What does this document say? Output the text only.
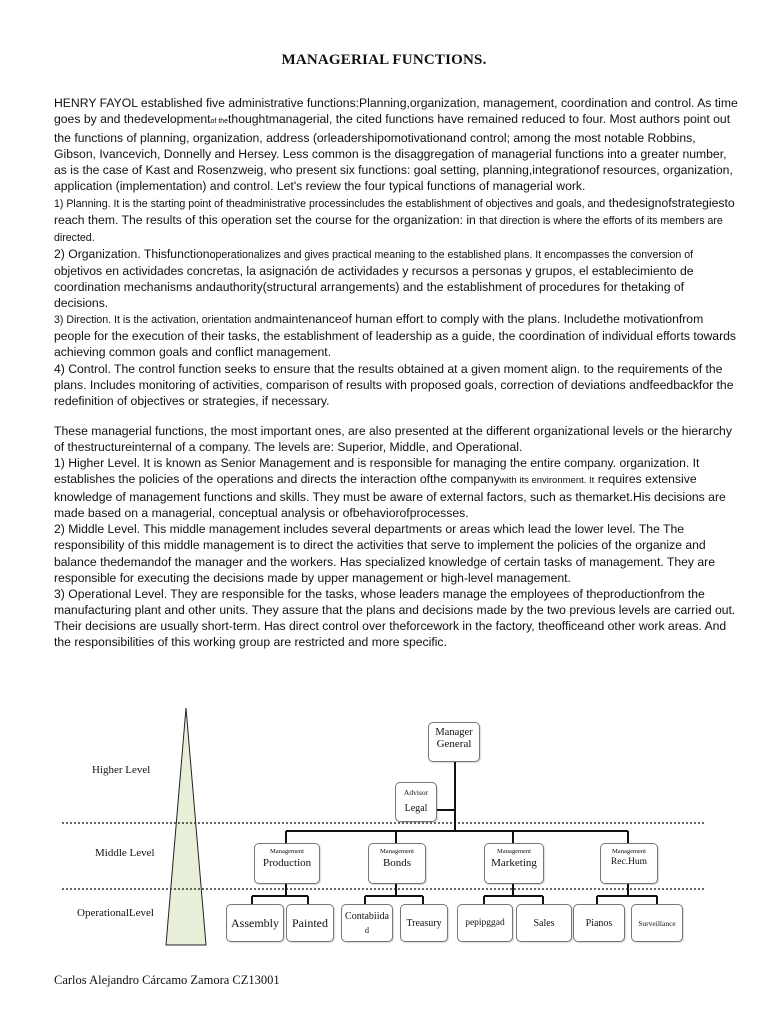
MANAGERIAL FUNCTIONS.

HENRY FAYOL established five administrative functions:Planning,organization, management, coordination and control. As time goes by and thedevelopmentof thethoughtmanagerial, the cited functions have remained reduced to four. Most authors point out the functions of planning, organization, address (orleadershipomotivationand control; among the most notable Robbins, Gibson, Ivancevich, Donnelly and Hersey. Less common is the disaggregation of managerial functions into a greater number, as is the case of Kast and Rosenzweig, who present six functions: goal setting, planning,integrationof resources, organization, application (implementation) and control. Let's review the four typical functions of managerial work.

1) Planning. It is the starting point of theadministrative processincludes the establishment of objectives and goals, and thedesignofstrategiesto reach them. The results of this operation set the course for the organization: in that direction is where the efforts of its members are directed.

2) Organization. Thisfunctionoperationalizes and gives practical meaning to the established plans. It encompasses the conversion of objetivos en actividades concretas, la asignación de actividades y recursos a personas y grupos, el establecimiento de coordination mechanisms andauthority(structural arrangements) and the establishment of procedures for thetaking of decisions.

3) Direction. It is the activation, orientation andmaintenanceof human effort to comply with the plans. Includethe motivationfrom people for the execution of their tasks, the establishment of leadership as a guide, the coordination of individual efforts towards achieving common goals and conflict management.

4) Control. The control function seeks to ensure that the results obtained at a given moment align. to the requirements of the plans. Includes monitoring of activities, comparison of results with proposed goals, correction of deviations andfeedbackfor the redefinition of objectives or strategies, if necessary.

These managerial functions, the most important ones, are also presented at the different organizational levels or the hierarchy of thestructureinternal of a company. The levels are: Superior, Middle, and Operational.

1) Higher Level. It is known as Senior Management and is responsible for managing the entire company. organization. It establishes the policies of the operations and directs the interaction ofthe companywith its environment. It requires extensive knowledge of management functions and skills. They must be aware of external factors, such as themarket.His decisions are made based on a managerial, conceptual analysis or ofbehaviorofprocesses.

2) Middle Level. This middle management includes several departments or areas which lead the lower level. The The responsibility of this middle management is to direct the activities that serve to implement the policies of the organize and balance thedemandof the manager and the workers. Has specialized knowledge of certain tasks of management. They are responsible for executing the decisions made by upper management or high-level management.

3) Operational Level. They are responsible for the tasks, whose leaders manage the employees of theproductionfrom the manufacturing plant and other units. They assure that the plans and decisions made by the two previous levels are carried out. Their decisions are usually short-term. Has direct control over theforcework in the factory, theofficeand other work areas. And the responsibilities of this working group are restricted and more specific.

Higher Level
Middle Level
OperationalLevel
Manager
General
Advisor
Legal
Management
Production
Management
Bonds
Management
Marketing
Management
Rec.Hum
Assembly Painted Contabiida
d
Treasury pepipggad	Sales	Pianos	Surveillance
Carlos Alejandro Cárcamo Zamora CZ13001
